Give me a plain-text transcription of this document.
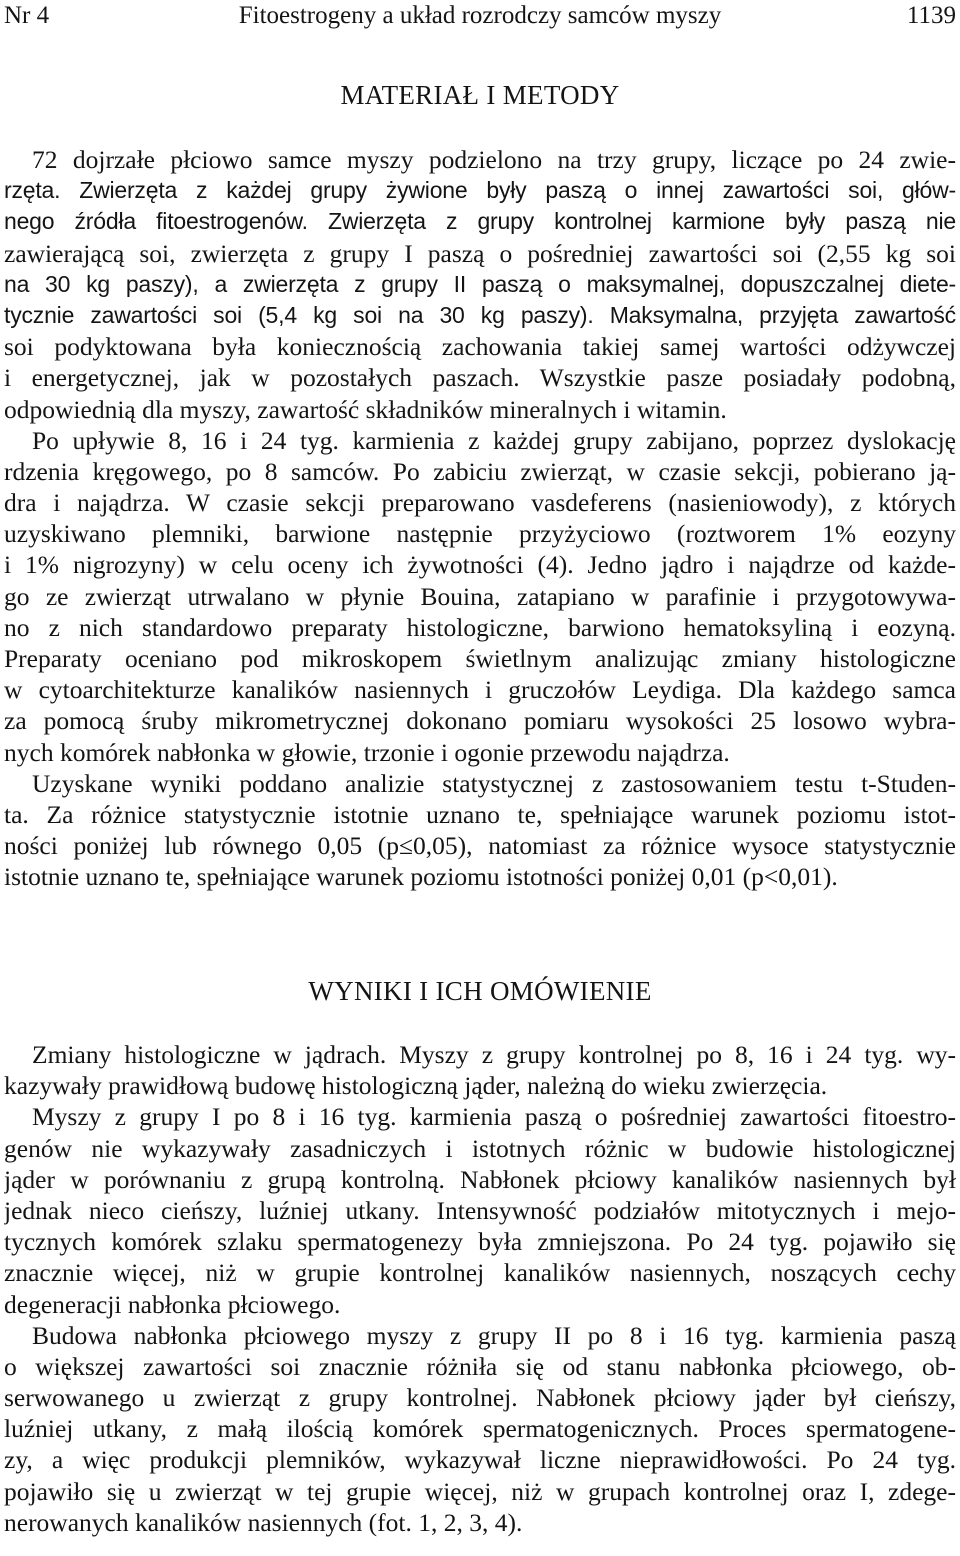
Nr 4	Fitoestrogeny a układ rozrodczy samców myszy	1139
MATERIAŁ I METODY
72 dojrzałe płciowo samce myszy podzielono na trzy grupy, liczące po 24 zwie-
rzęta. Zwierzęta z każdej grupy żywione były paszą o innej zawartości soi, głów-
nego źródła fitoestrogenów. Zwierzęta z grupy kontrolnej karmione były paszą nie
zawierającą soi, zwierzęta z grupy I paszą o pośredniej zawartości soi (2,55 kg soi
na 30 kg paszy), a zwierzęta z grupy II paszą o maksymalnej, dopuszczalnej diete-
tycznie zawartości soi (5,4 kg soi na 30 kg paszy). Maksymalna, przyjęta zawartość
soi podyktowana była koniecznością zachowania takiej samej wartości odżywczej
i energetycznej, jak w pozostałych paszach. Wszystkie pasze posiadały podobną,
odpowiednią dla myszy, zawartość składników mineralnych i witamin.
Po upływie 8, 16 i 24 tyg. karmienia z każdej grupy zabijano, poprzez dyslokację
rdzenia kręgowego, po 8 samców. Po zabiciu zwierząt, w czasie sekcji, pobierano ją-
dra i najądrza. W czasie sekcji preparowano vasdeferens (nasieniowody), z których
uzyskiwano plemniki, barwione następnie przyżyciowo (roztworem 1% eozyny
i 1% nigrozyny) w celu oceny ich żywotności (4). Jedno jądro i najądrze od każde-
go ze zwierząt utrwalano w płynie Bouina, zatapiano w parafinie i przygotowywa-
no z nich standardowo preparaty histologiczne, barwiono hematoksyliną i eozyną.
Preparaty oceniano pod mikroskopem świetlnym analizując zmiany histologiczne
w cytoarchitekturze kanalików nasiennych i gruczołów Leydiga. Dla każdego samca
za pomocą śruby mikrometrycznej dokonano pomiaru wysokości 25 losowo wybra-
nych komórek nabłonka w głowie, trzonie i ogonie przewodu najądrza.
Uzyskane wyniki poddano analizie statystycznej z zastosowaniem testu t-Studen-
ta. Za różnice statystycznie istotnie uznano te, spełniające warunek poziomu istot-
ności poniżej lub równego 0,05 (p≤0,05), natomiast za różnice wysoce statystycznie
istotnie uznano te, spełniające warunek poziomu istotności poniżej 0,01 (p<0,01).
WYNIKI I ICH OMÓWIENIE
Zmiany histologiczne w jądrach. Myszy z grupy kontrolnej po 8, 16 i 24 tyg. wy-
kazywały prawidłową budowę histologiczną jąder, należną do wieku zwierzęcia.
Myszy z grupy I po 8 i 16 tyg. karmienia paszą o pośredniej zawartości fitoestro-
genów nie wykazywały zasadniczych i istotnych różnic w budowie histologicznej
jąder w porównaniu z grupą kontrolną. Nabłonek płciowy kanalików nasiennych był
jednak nieco cieńszy, luźniej utkany. Intensywność podziałów mitotycznych i mejo-
tycznych komórek szlaku spermatogenezy była zmniejszona. Po 24 tyg. pojawiło się
znacznie więcej, niż w grupie kontrolnej kanalików nasiennych, noszących cechy
degeneracji nabłonka płciowego.
Budowa nabłonka płciowego myszy z grupy II po 8 i 16 tyg. karmienia paszą
o większej zawartości soi znacznie różniła się od stanu nabłonka płciowego, ob-
serwowanego u zwierząt z grupy kontrolnej. Nabłonek płciowy jąder był cieńszy,
luźniej utkany, z małą ilością komórek spermatogenicznych. Proces spermatogene-
zy, a więc produkcji plemników, wykazywał liczne nieprawidłowości. Po 24 tyg.
pojawiło się u zwierząt w tej grupie więcej, niż w grupach kontrolnej oraz I, zdege-
nerowanych kanalików nasiennych (fot. 1, 2, 3, 4).
